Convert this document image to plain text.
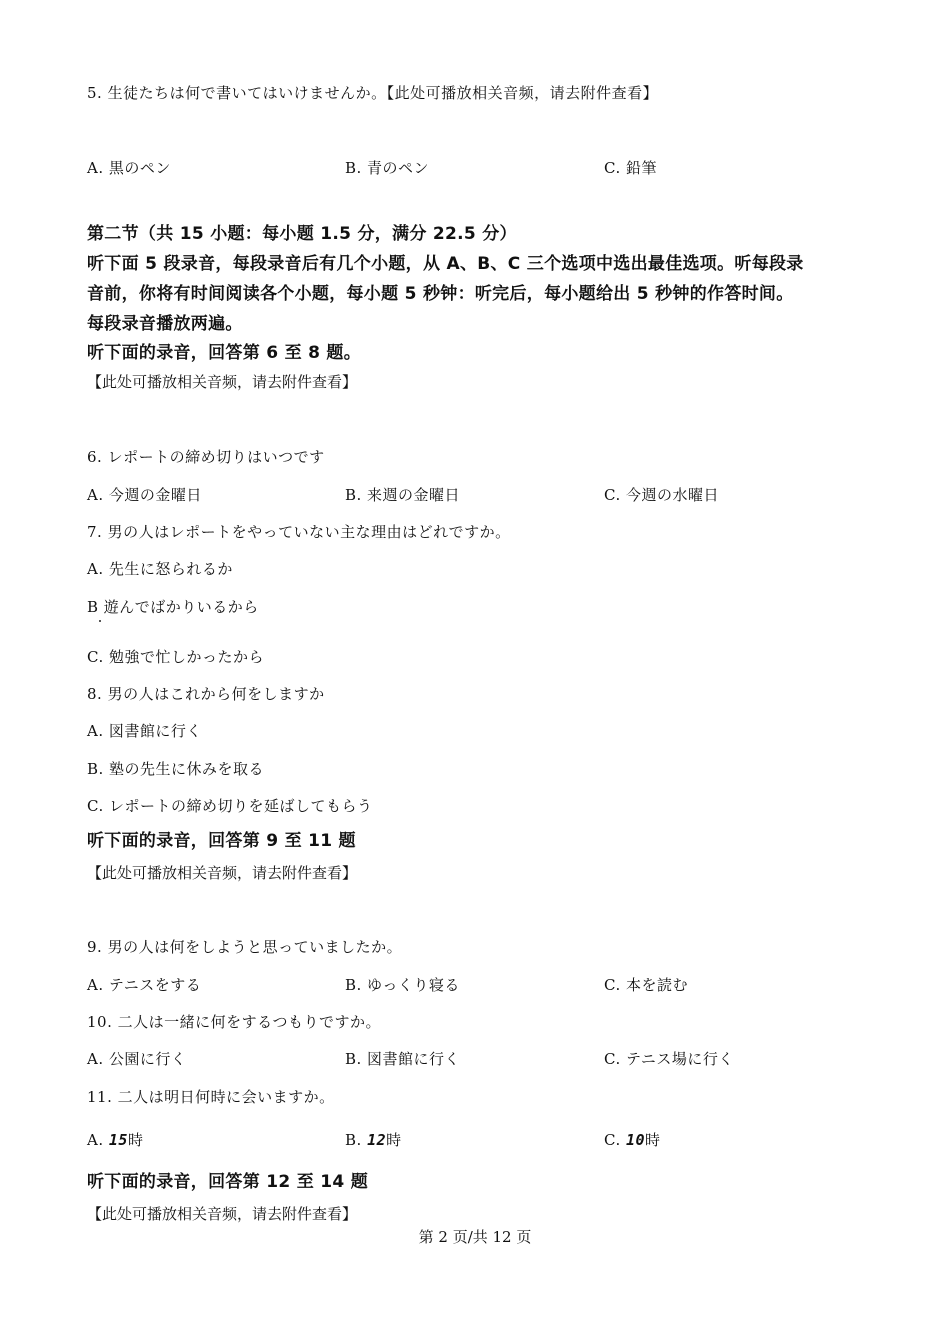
5. 生徒たちは何で書いてはいけませんか。【此处可播放相关音频，请去附件查看】
A. 黒のペン	B. 青のペン	C. 鉛筆
第二节（共 15 小题：每小题 1.5 分，满分 22.5 分）
听下面 5 段录音，每段录音后有几个小题，从 A、B、C 三个选项中选出最佳选项。听每段录
音前，你将有时间阅读各个小题，每小题 5 秒钟：听完后，每小题给出 5 秒钟的作答时间。
每段录音播放两遍。
听下面的录音，回答第 6 至 8 题。
【此处可播放相关音频，请去附件查看】
6. レポートの締め切りはいつです
A. 今週の金曜日	B. 来週の金曜日	C. 今週の水曜日
7. 男の人はレポートをやっていない主な理由はどれですか。
A. 先生に怒られるか
B 遊んでばかりいるから
C. 勉強で忙しかったから
8. 男の人はこれから何をしますか
A. 図書館に行く
B. 塾の先生に休みを取る
C. レポートの締め切りを延ばしてもらう
听下面的录音，回答第 9 至 11 题
【此处可播放相关音频，请去附件查看】
9. 男の人は何をしようと思っていましたか。
A. テニスをする	B. ゆっくり寝る	C. 本を読む
10. 二人は一緒に何をするつもりですか。
A. 公園に行く	B. 図書館に行く	C. テニス場に行く
11. 二人は明日何時に会いますか。
A. 15時	B. 12時	C. 10時
听下面的录音，回答第 12 至 14 题
【此处可播放相关音频，请去附件查看】
第 2 页/共 12 页
